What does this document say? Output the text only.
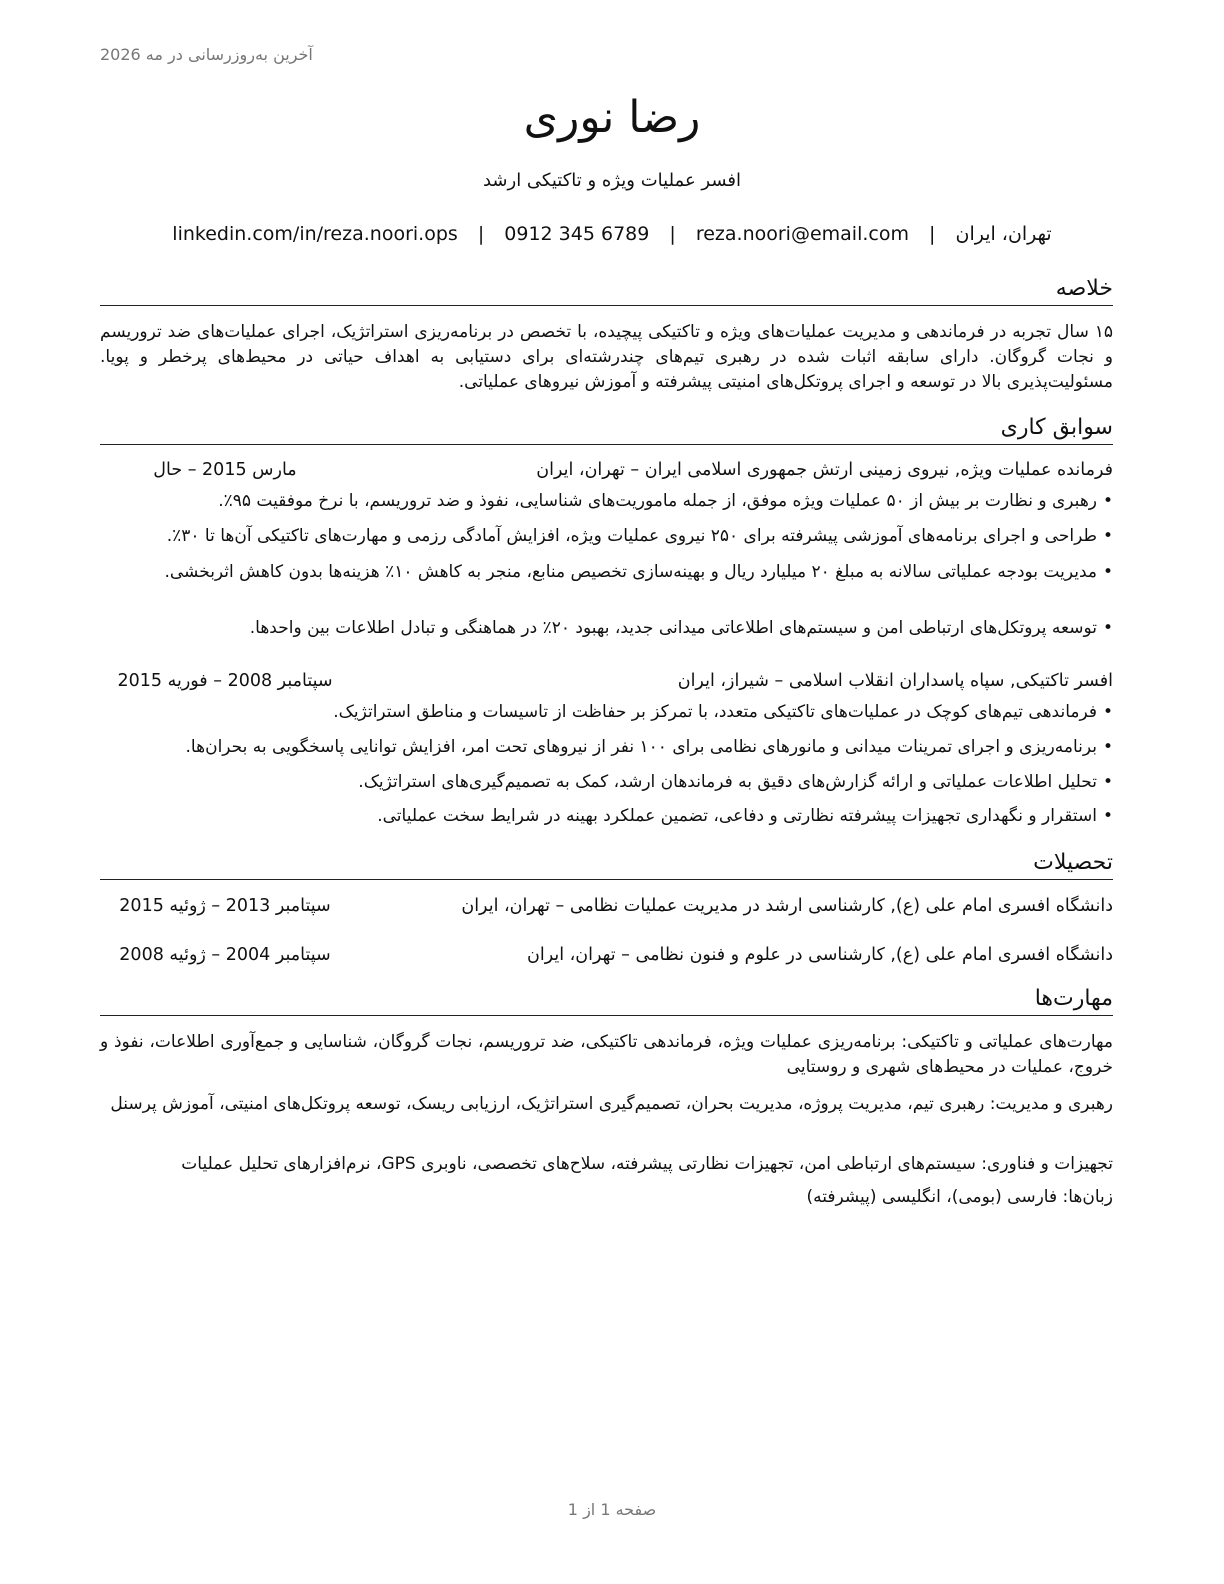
آخرین به‌روزرسانی در مه 2026
رضا نوری
افسر عملیات ویژه و تاکتیکی ارشد
تهران، ایران | reza.noori@email.com | 0912 345 6789 | linkedin.com/in/reza.noori.ops
خلاصه
۱۵ سال تجربه در فرماندهی و مدیریت عملیات‌های ویژه و تاکتیکی پیچیده، با تخصص در برنامه‌ریزی استراتژیک، اجرای عملیات‌های ضد تروریسم و نجات گروگان. دارای سابقه اثبات شده در رهبری تیم‌های چندرشته‌ای برای دستیابی به اهداف حیاتی در محیط‌های پرخطر و پویا. مسئولیت‌پذیری بالا در توسعه و اجرای پروتکل‌های امنیتی پیشرفته و آموزش نیروهای عملیاتی.
سوابق کاری
فرمانده عملیات ویژه, نیروی زمینی ارتش جمهوری اسلامی ایران – تهران، ایران
مارس 2015 – حال
•
رهبری و نظارت بر بیش از ۵۰ عملیات ویژه موفق، از جمله ماموریت‌های شناسایی، نفوذ و ضد تروریسم، با نرخ موفقیت ۹۵٪.
•
طراحی و اجرای برنامه‌های آموزشی پیشرفته برای ۲۵۰ نیروی عملیات ویژه، افزایش آمادگی رزمی و مهارت‌های تاکتیکی آن‌ها تا ۳۰٪.
•
مدیریت بودجه عملیاتی سالانه به مبلغ ۲۰ میلیارد ریال و بهینه‌سازی تخصیص منابع، منجر به کاهش ۱۰٪ هزینه‌ها بدون کاهش اثربخشی.
•
توسعه پروتکل‌های ارتباطی امن و سیستم‌های اطلاعاتی میدانی جدید، بهبود ۲۰٪ در هماهنگی و تبادل اطلاعات بین واحدها.
افسر تاکتیکی, سپاه پاسداران انقلاب اسلامی – شیراز، ایران
سپتامبر 2008 – فوریه 2015
•
فرماندهی تیم‌های کوچک در عملیات‌های تاکتیکی متعدد، با تمرکز بر حفاظت از تاسیسات و مناطق استراتژیک.
•
برنامه‌ریزی و اجرای تمرینات میدانی و مانورهای نظامی برای ۱۰۰ نفر از نیروهای تحت امر، افزایش توانایی پاسخگویی به بحران‌ها.
•
تحلیل اطلاعات عملیاتی و ارائه گزارش‌های دقیق به فرماندهان ارشد، کمک به تصمیم‌گیری‌های استراتژیک.
•
استقرار و نگهداری تجهیزات پیشرفته نظارتی و دفاعی، تضمین عملکرد بهینه در شرایط سخت عملیاتی.
تحصیلات
دانشگاه افسری امام علی (ع), کارشناسی ارشد در مدیریت عملیات نظامی – تهران، ایران
سپتامبر 2013 – ژوئیه 2015
دانشگاه افسری امام علی (ع), کارشناسی در علوم و فنون نظامی – تهران، ایران
سپتامبر 2004 – ژوئیه 2008
مهارت‌ها
مهارت‌های عملیاتی و تاکتیکی: برنامه‌ریزی عملیات ویژه، فرماندهی تاکتیکی، ضد تروریسم، نجات گروگان، شناسایی و جمع‌آوری اطلاعات، نفوذ و خروج، عملیات در محیط‌های شهری و روستایی
رهبری و مدیریت: رهبری تیم، مدیریت پروژه، مدیریت بحران، تصمیم‌گیری استراتژیک، ارزیابی ریسک، توسعه پروتکل‌های امنیتی، آموزش پرسنل
تجهیزات و فناوری: سیستم‌های ارتباطی امن، تجهیزات نظارتی پیشرفته، سلاح‌های تخصصی، ناوبری GPS، نرم‌افزارهای تحلیل عملیات
زبان‌ها: فارسی (بومی)، انگلیسی (پیشرفته)
صفحه 1 از 1
